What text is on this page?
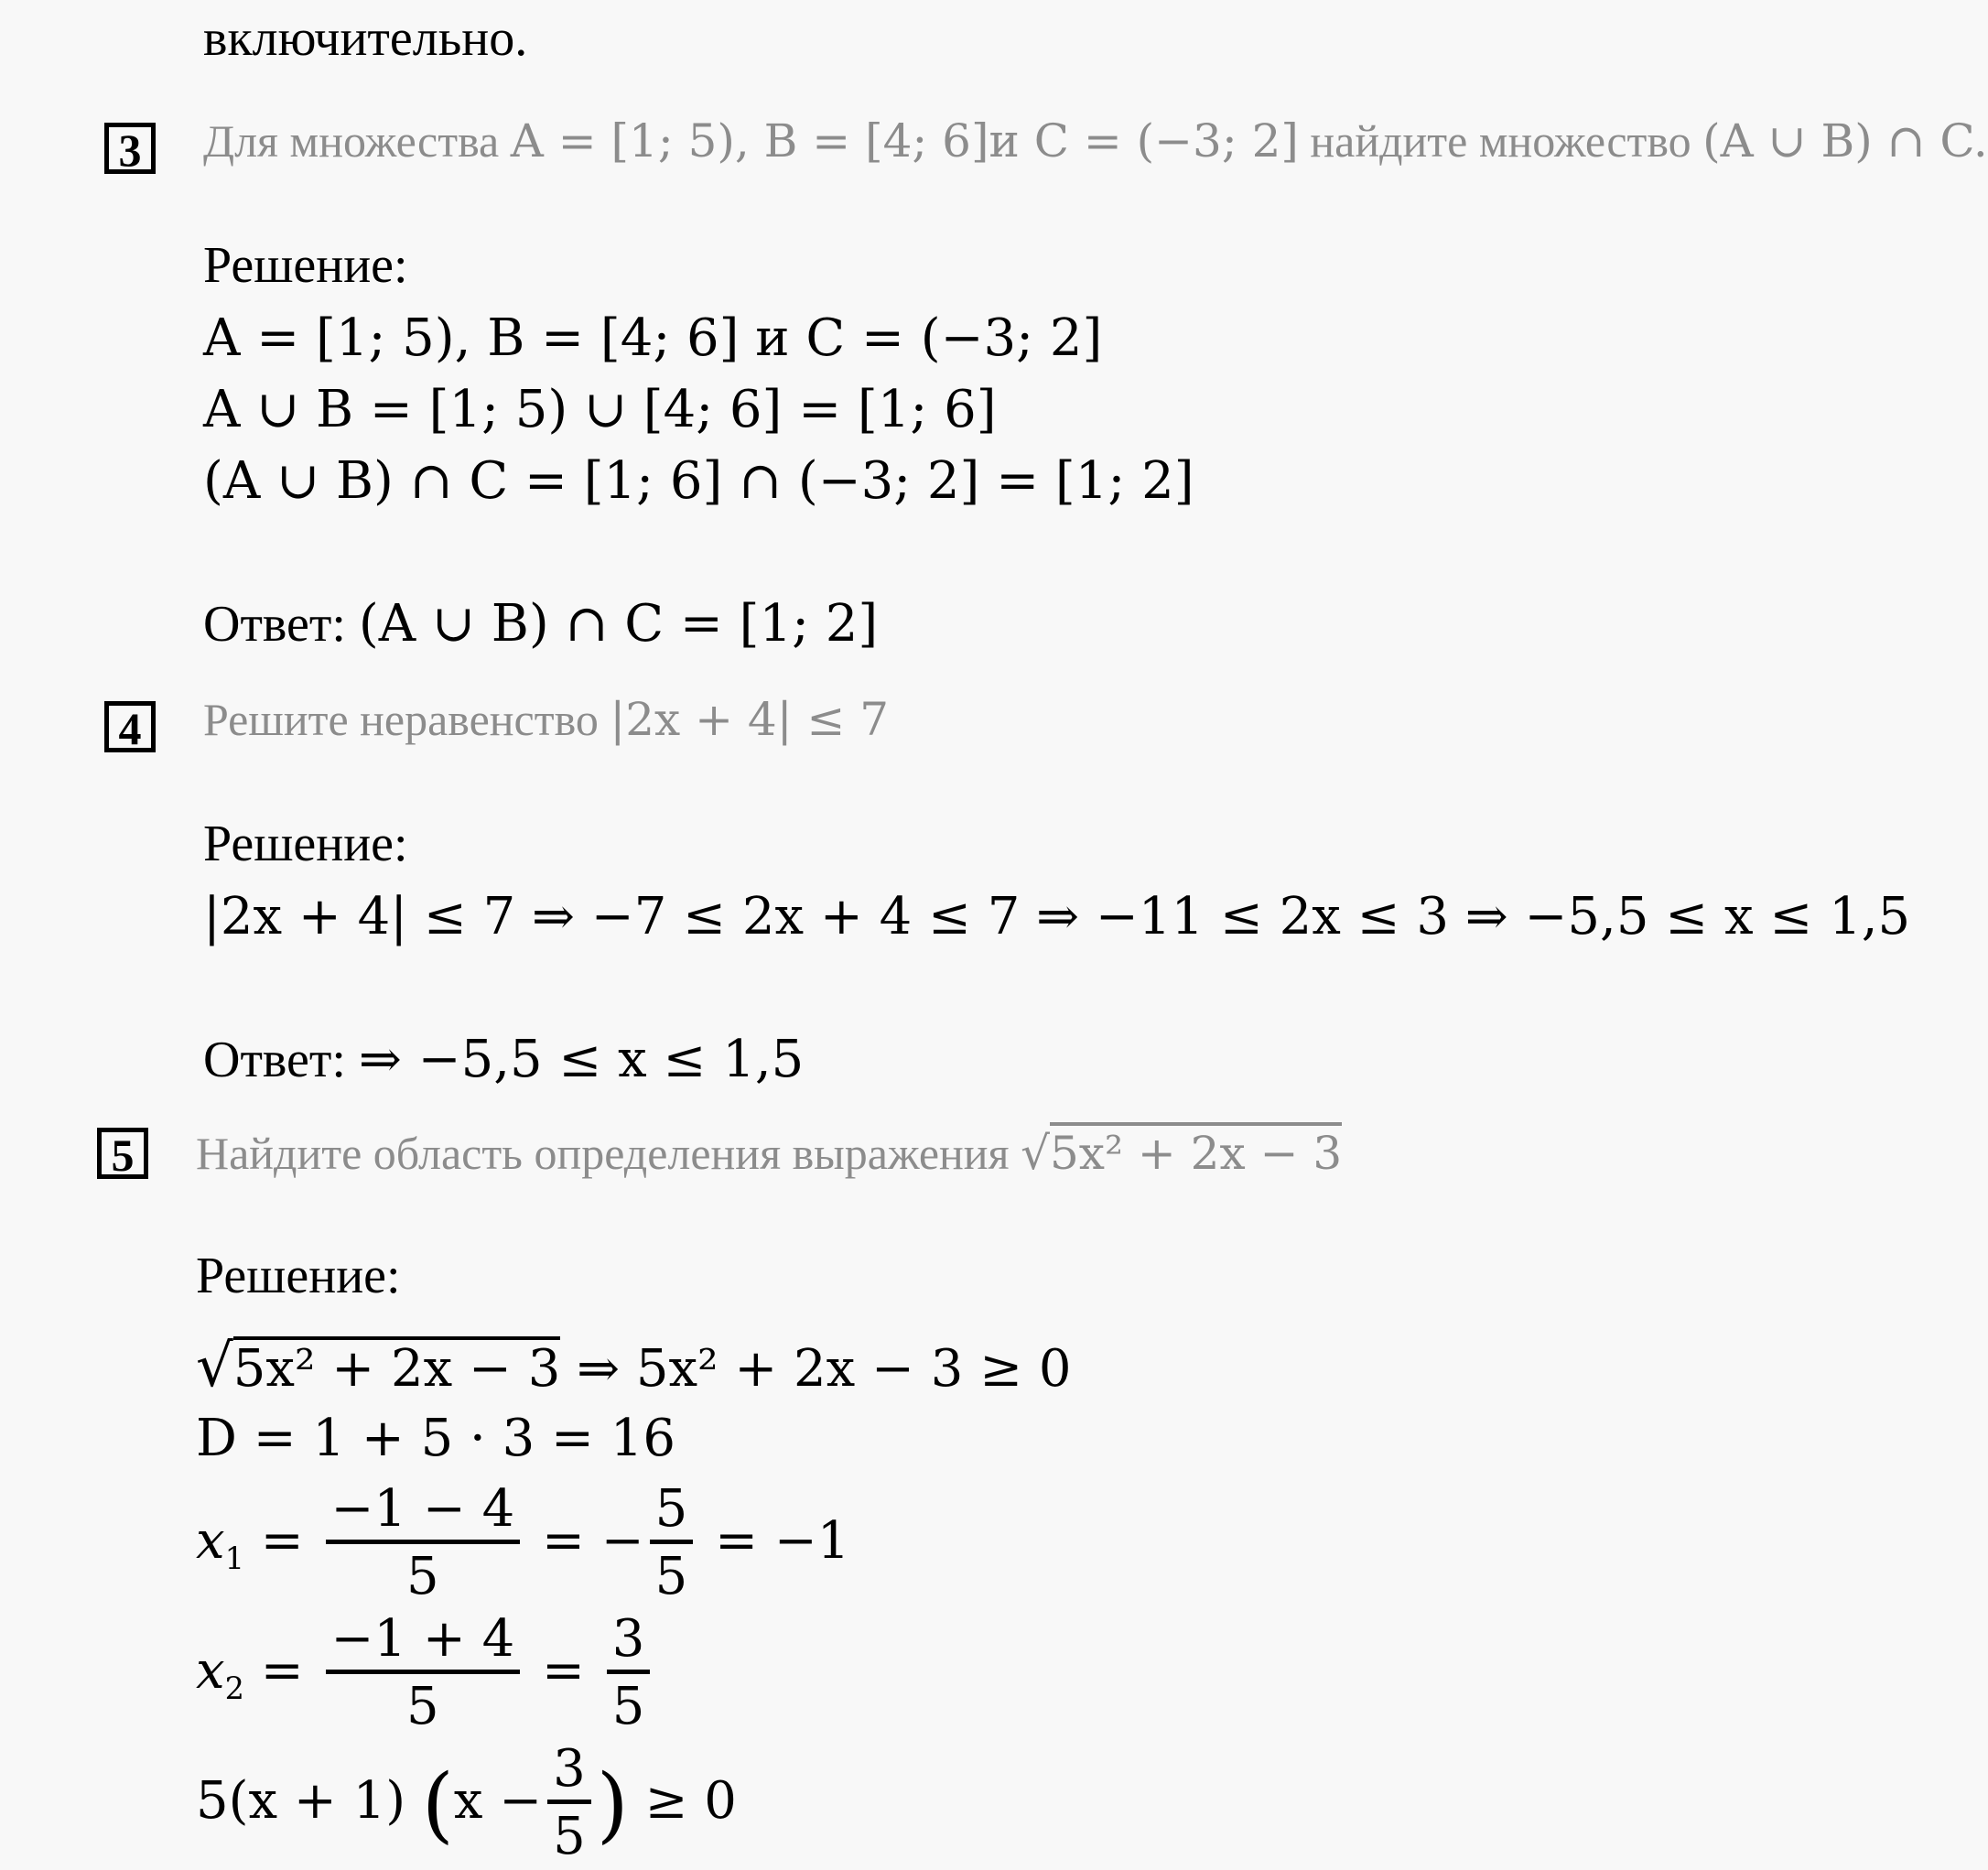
включительно.
3	Для множества A = [1; 5), B = [4; 6]и C = (−3; 2] найдите множество (A ∪ B) ∩ C.
Решение:
A = [1; 5), B = [4; 6] и C = (−3; 2]
A ∪ B = [1; 5) ∪ [4; 6] = [1; 6]
(A ∪ B) ∩ C = [1; 6] ∩ (−3; 2] = [1; 2]
Ответ: (A ∪ B) ∩ C = [1; 2]
4	Решите неравенство |2x + 4| ≤ 7
Решение:
|2x + 4| ≤ 7 ⇒ −7 ≤ 2x + 4 ≤ 7 ⇒ −11 ≤ 2x ≤ 3 ⇒ −5,5 ≤ x ≤ 1,5
Ответ: ⇒ −5,5 ≤ x ≤ 1,5
5	Найдите область определения выражения √5x² + 2x − 3
Решение:
√5x² + 2x − 3 ⇒ 5x² + 2x − 3 ≥ 0
D = 1 + 5 · 3 = 16
$x_1 = \frac{-1 - 4}{5}$ = − $\frac{5}{5} = -1$
$x_2 = \frac{-1 + 4}{5} = \frac{3}{5}$
5(x + 1) ($x - \frac{3}{5}$ ) ≥ 0
